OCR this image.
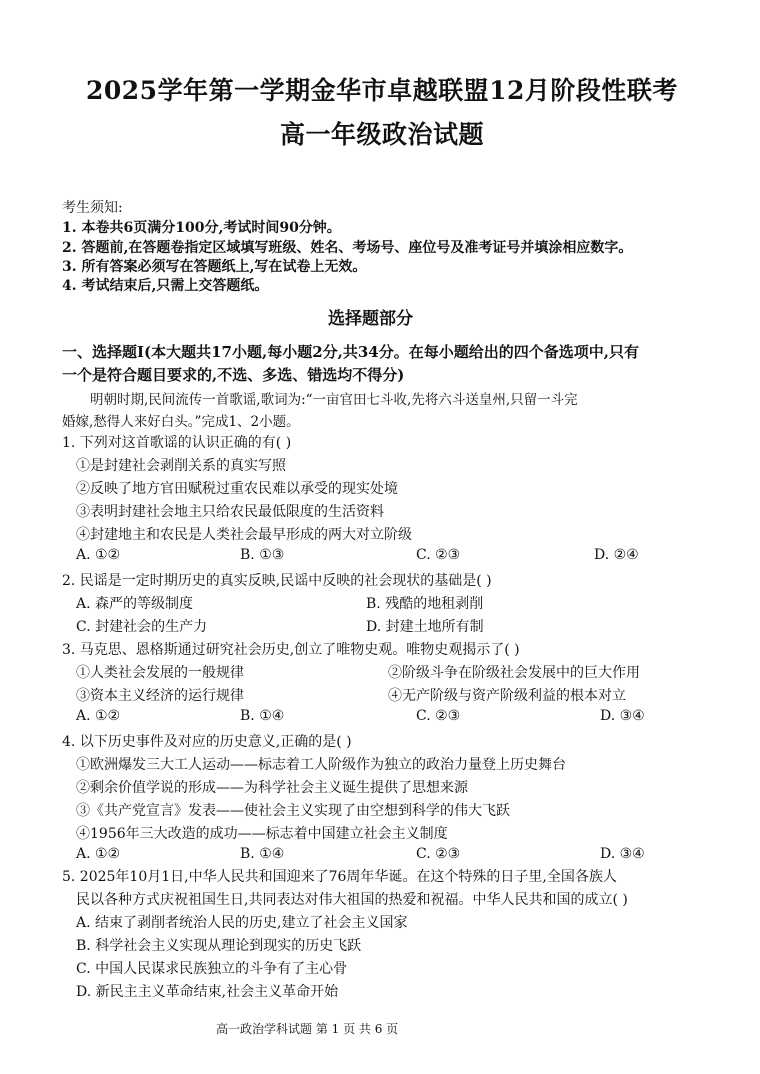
2025学年第一学期金华市卓越联盟12月阶段性联考
高一年级政治试题
考生须知:
1. 本卷共6页满分100分,考试时间90分钟。
2. 答题前,在答题卷指定区域填写班级、姓名、考场号、座位号及准考证号并填涂相应数字。
3. 所有答案必须写在答题纸上,写在试卷上无效。
4. 考试结束后,只需上交答题纸。
选择题部分
一、选择题Ⅰ(本大题共17小题,每小题2分,共34分。在每小题给出的四个备选项中,只有
一个是符合题目要求的,不选、多选、错选均不得分)
明朝时期,民间流传一首歌谣,歌词为:“一亩官田七斗收,先将六斗送皇州,只留一斗完
婚嫁,愁得人来好白头。”完成1、2小题。
1. 下列对这首歌谣的认识正确的有( )
①是封建社会剥削关系的真实写照
②反映了地方官田赋税过重农民难以承受的现实处境
③表明封建社会地主只给农民最低限度的生活资料
④封建地主和农民是人类社会最早形成的两大对立阶级
A. ①②	B. ①③	C. ②③	D. ②④
2. 民谣是一定时期历史的真实反映,民谣中反映的社会现状的基础是( )
A. 森严的等级制度	B. 残酷的地租剥削
C. 封建社会的生产力	D. 封建土地所有制
3. 马克思、恩格斯通过研究社会历史,创立了唯物史观。唯物史观揭示了( )
①人类社会发展的一般规律	②阶级斗争在阶级社会发展中的巨大作用
③资本主义经济的运行规律	④无产阶级与资产阶级利益的根本对立
A. ①②	B. ①④	C. ②③	D. ③④
4. 以下历史事件及对应的历史意义,正确的是( )
①欧洲爆发三大工人运动——标志着工人阶级作为独立的政治力量登上历史舞台
②剩余价值学说的形成——为科学社会主义诞生提供了思想来源
③《共产党宣言》发表——使社会主义实现了由空想到科学的伟大飞跃
④1956年三大改造的成功——标志着中国建立社会主义制度
A. ①②	B. ①④	C. ②③	D. ③④
5. 2025年10月1日,中华人民共和国迎来了76周年华诞。在这个特殊的日子里,全国各族人
民以各种方式庆祝祖国生日,共同表达对伟大祖国的热爱和祝福。中华人民共和国的成立( )
A. 结束了剥削者统治人民的历史,建立了社会主义国家
B. 科学社会主义实现从理论到现实的历史飞跃
C. 中国人民谋求民族独立的斗争有了主心骨
D. 新民主主义革命结束,社会主义革命开始
高一政治学科试题 第 1 页 共 6 页
